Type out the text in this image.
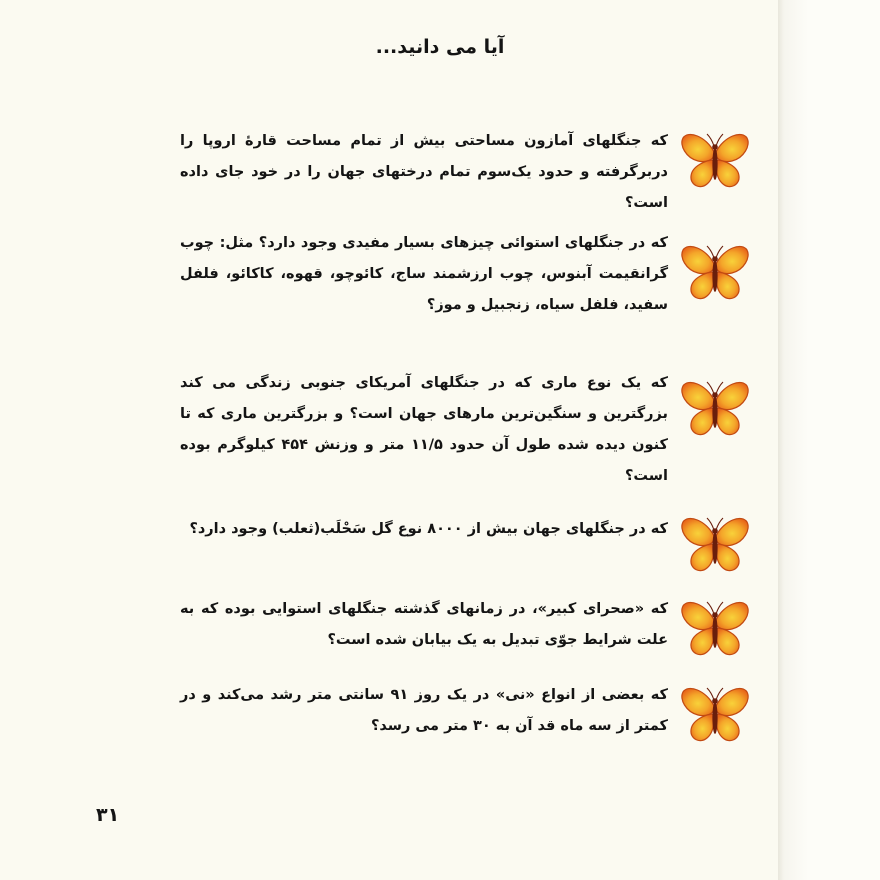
آیا می دانید...
که جنگلهای آمازون مساحتی بیش از تمام مساحت قارهٔ اروپا را دربرگرفته و حدود یک‌سوم تمام درختهای جهان را در خود جای داده است؟
که در جنگلهای استوائی چیزهای بسیار مفیدی وجود دارد؟ مثل: چوب گرانقیمت آبنوس، چوب ارزشمند ساج، کائوچو، قهوه، کاکائو، فلفل سفید، فلفل سیاه، زنجبیل و موز؟
که یک نوع ماری که در جنگلهای آمریکای جنوبی زندگی می کند بزرگترین و سنگین‌ترین مارهای جهان است؟ و بزرگترین ماری که تا کنون دیده شده طول آن حدود ۱۱/۵ متر و وزنش ۴۵۴ کیلوگرم بوده است؟
که در جنگلهای جهان بیش از ۸۰۰۰ نوع گل سَحْلَب(ثعلب) وجود دارد؟
که «صحرای کبیر»، در زمانهای گذشته جنگلهای استوایی بوده که به علت شرایط جوّی تبدیل به یک بیابان شده است؟
که بعضی از انواع «نی» در یک روز ۹۱ سانتی متر رشد می‌کند و در کمتر از سه ماه قد آن به ۳۰ متر می رسد؟
۳۱
